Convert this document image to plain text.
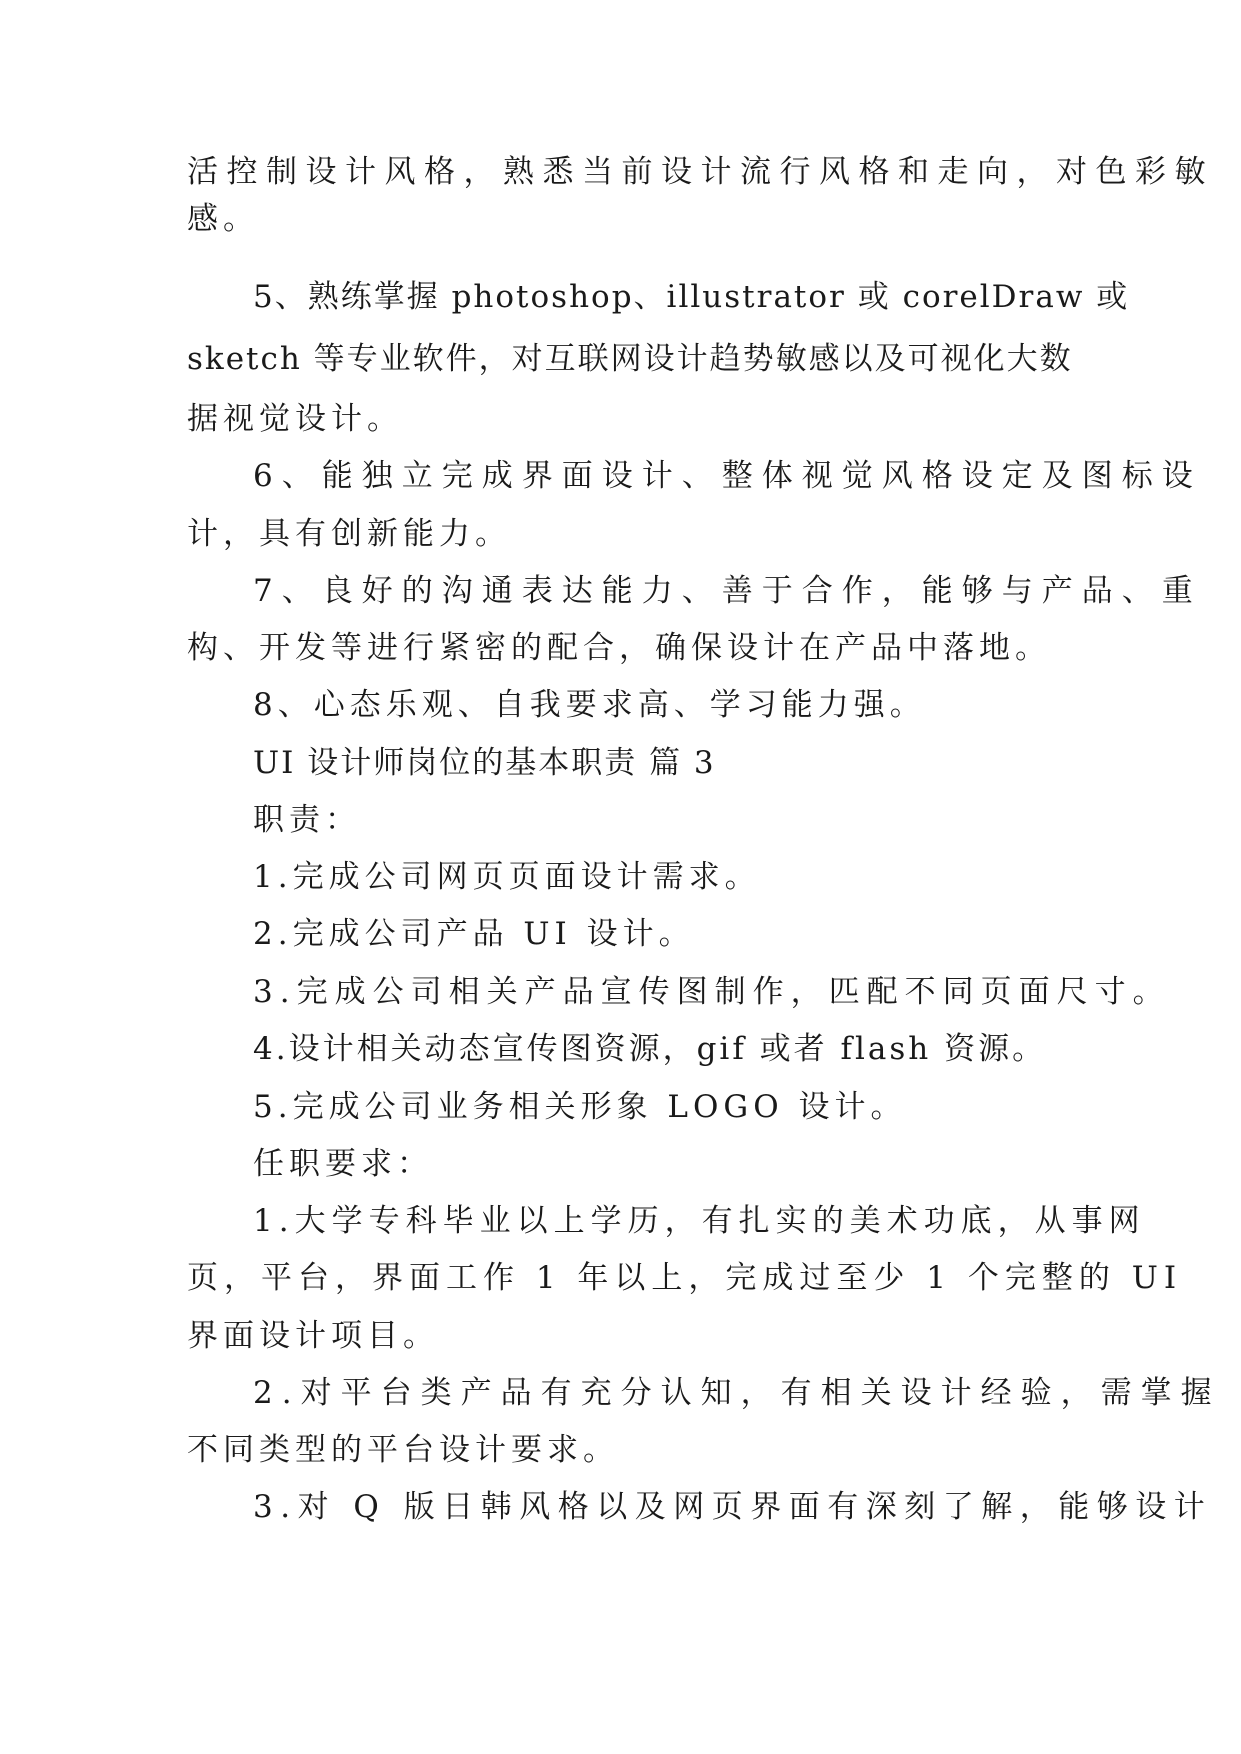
活控制设计风格，熟悉当前设计流行风格和走向，对色彩敏
感。
5、熟练掌握 photoshop、illustrator 或 corelDraw 或
sketch 等专业软件，对互联网设计趋势敏感以及可视化大数
据视觉设计。
6、能独立完成界面设计、整体视觉风格设定及图标设
计，具有创新能力。
7、良好的沟通表达能力、善于合作，能够与产品、重
构、开发等进行紧密的配合，确保设计在产品中落地。
8、心态乐观、自我要求高、学习能力强。
UI 设计师岗位的基本职责 篇 3
职责：
1.完成公司网页页面设计需求。
2.完成公司产品 UI 设计。
3.完成公司相关产品宣传图制作，匹配不同页面尺寸。
4.设计相关动态宣传图资源，gif 或者 flash 资源。
5.完成公司业务相关形象 LOGO 设计。
任职要求：
1.大学专科毕业以上学历，有扎实的美术功底，从事网
页，平台，界面工作 1 年以上，完成过至少 1 个完整的 UI
界面设计项目。
2.对平台类产品有充分认知，有相关设计经验，需掌握
不同类型的平台设计要求。
3.对 Q 版日韩风格以及网页界面有深刻了解，能够设计
